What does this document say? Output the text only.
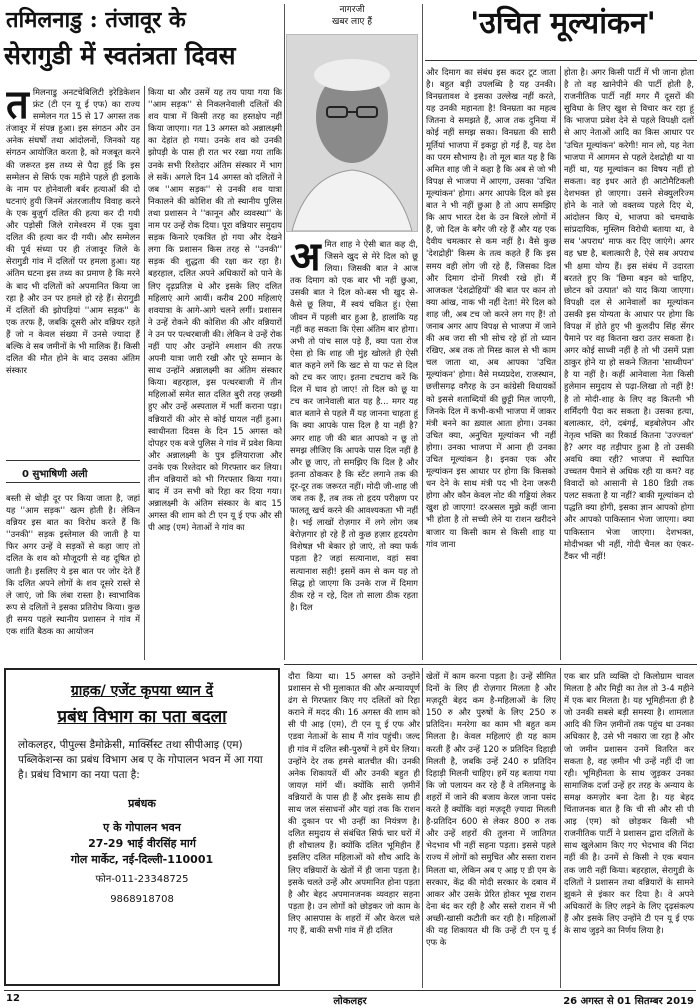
तमिलनाडु : तंजावूर के
सेरागुडी में स्वतंत्रता दिवस
नागरजी
खबर लाए हैं	'उचित मूल्यांकन'
त मिलनाडु अनटचेबिलिटी इरेडिकेशन फ्रंट (टी एन यू ई एफ) का राज्य सम्मेलन गत 15 से 17 अगस्त तक तंजावूर में संपन्न हुआ। इस संगठन और उन अनेक संघर्षों तथा आंदोलनों, जिनको यह संगठन आयोजित करता है, को मजबूत करने की जरूरत इस तथ्य से पैदा हुई कि इस सम्मेलन से सिर्फ एक महीने पहले ही इलाके के नाम पर होनेवाली बर्बर हत्याओं की दो घटनाएं हुयी जिनमें अंतरजातीय विवाह करने के एक बुजुर्ग दलित की हत्या कर दी गयी और पड़ोसी जिले रामेश्वरम में एक युवा दलित की हत्या कर दी गयी। और सम्मेलन की पूर्व संध्या पर ही तंजावूर जिले के सेरागुडी गांव में दलितों पर हमला हुआ। यह अंतिम घटना इस तथ्य का प्रमाण है कि मरने के बाद भी दलितों को अपमानित किया जा रहा है और उन पर हमले हो रहे हैं। सेरागुडी में दलितों की झोपड़ियां ''आम सड़क'' के एक तरफ हैं, जबकि दूसरी ओर वन्नियर रहते हैं जो न केवल संख्या में उनसे ज्यादा हैं बल्कि वे सब जमीनों के भी मालिक हैं। किसी दलित की मौत होने के बाद उसका अंतिम संस्कार
0 सुभाषिणी अली
बस्ती से थोड़ी दूर पर किया जाता है, जहां यह ''आम सड़क'' खत्म होती है। लेकिन वन्नियर इस बात का विरोध करते हैं कि ''उनकी'' सड़क इस्तेमाल की जाती है या फिर अगर उन्हें वे सड़कों से कहा जाए तो दलित के शव को मौजूदगी से वह दूषित हो जाती है। इसलिए ये इस बात पर जोर देते हैं कि दलित अपने लोगों के शव दूसरे रास्ते से ले जाएं, जो कि लंबा रास्ता है। स्वाभाविक रूप से दलितों ने इसका प्रतिरोध किया। कुछ ही समय पहले स्थानीय प्रशासन ने गांव में एक शांति बैठक का आयोजन
किया था और उसमें यह तय पाया गया कि ''आम सड़क'' से निकलनेवाली दलितों की शव यात्रा में किसी तरह का हस्तक्षेप नहीं किया जाएगा। गत 13 अगस्त को अन्नालक्ष्मी का देहांत हो गया। उनके शव को उनकी झोपड़ी के पास ही रात भर रखा गया ताकि उनके सभी रिश्तेदार अंतिम संस्कार में भाग ले सकें। अगले दिन 14 अगस्त को दलितों ने जब ''आम सड़क'' से उनकी शव यात्रा निकालने की कोशिश की तो स्थानीय पुलिस तथा प्रशासन ने ''कानून और व्यवस्था'' के नाम पर उन्हें रोक दिया। पूरा वन्नियार समुदाय सड़क किनारे एकत्रित हो गया और देखने लगा कि प्रशासन किस तरह से ''उनकी'' सड़क की शुद्धता की रक्षा कर रहा है। बहरहाल, दलित अपने अधिकारों को पाने के लिए दृढ़प्रतिज्ञ थे और इसके लिए दलित महिलाएं आगे आयीं। करीब 200 महिलाएं शवयात्रा के आगे-आगे चलने लगीं। प्रशासन ने उन्हें रोकने की कोशिश की और वन्नियारों ने उन पर पत्थरबाजी की। लेकिन वे उन्हें रोक नहीं पाए और उन्होंने श्मशान की तरफ अपनी यात्रा जारी रखी और पूरे सम्मान के साथ उन्होंने अन्नालक्ष्मी का अंतिम संस्कार किया। बहरहाल, इस पत्थरबाजी में तीन महिलाओं समेत सात दलित बुरी तरह ज़ख्मी हुए और उन्हें अस्पताल में भर्ती कराना पड़ा। वन्नियारों की ओर से कोई घायल नहीं हुआ। स्वाधीनता दिवस के दिन 15 अगस्त को दोपहर एक बजे पुलिस ने गांव में प्रवेश किया और अन्नालक्ष्मी के पुत्र इलियाराजा और उनके एक रिश्तेदार को गिरफ्तार कर लिया। तीन वन्नियारों को भी गिरफ्तार किया गया। बाद में उन सभी को रिहा कर दिया गया। अन्नालक्ष्मी के अंतिम संस्कार के बाद 15 अगस्त की शाम को टी एन यू ई एफ और सी पी आइ (एम) नेताओं ने गांव का
अ मित शाह ने ऐसी बात कह दी, जिसने खुद से मेरे दिल को छू लिया। जिसकी बात ने आज तक दिमाग को एक बार भी नहीं छुआ, उसकी बात ने दिल को-बस भी खुद से- कैसे छू लिया, मैं स्वयं चकित हूं। ऐसा जीवन में पहली बार हुआ है, हालांकि यह नहीं कह सकता कि ऐसा अंतिम बार होगा। अभी तो पांच साल पड़े हैं, क्या पता रोज ऐसा हो कि शाह जी मुंह खोलते ही ऐसी बात कहने लगें कि खट से या फट से दिल को टच कर जाए। इतना टचटाच करें कि दिल में घाव हो जाए! तो दिल को छू या टच कर जानेवाली बात यह है... मगर यह बात बताने से पहले मैं यह जानना चाहता हूं कि क्या आपके पास दिल है या नहीं है? अगर शाह जी की बात आपको न छू तो समझ लीजिए कि आपके पास दिल नहीं है और छू जाए, तो समझिए कि दिल है और इतना ठोककर है कि स्टेंट लगाने तक की दूर-दूर तक जरूरत नहीं। मोदी जी-शाह जी जब तक हैं, तब तक तो हृदय परीक्षण पर फालतू खर्च करने की आवश्यकता भी नहीं है। भई लाखों रोज़गार में लगे लोग जब बेरोज़गार हो रहे हैं तो कुछ हज़ार हृदयरोग विशेषज्ञ भी बेकार हो जाएं, तो क्या फर्क पड़ता है? जहां सत्यानाश, वहां सवा सत्यानाश सही! इसमें कम से कम यह तो सिद्ध हो जाएगा कि उनके राज में दिमाग ठीक रहे न रहे, दिल तो साला ठीक रहता है। दिल
और दिमाग का संबंध इस कदर टूट जाता है। बहुत बड़ी उपलब्धि है यह उनकी। विनम्रतावश वे इसका उल्लेख नहीं करते, यह उनकी महानता है! विनम्रता का महत्व जितना वे समझते हैं, आज तक दुनिया में कोई नहीं समझ सका। विनम्रता की सारी मूर्तियां भाजपा में इकट्ठा हो गई हैं, यह देश का परम सौभाग्य है। तो मूल बात यह है कि अमित शाह जी ने कहा है कि अब से जो भी विपक्ष से भाजपा में आएगा, उसका 'उचित मूल्यांकन' होगा। अगर आपके दिल को इस बात ने भी नहीं छुआ है तो आप समझिए कि आप भारत देश के उन बिरले लोगों में हैं, जो दिल के बगैर जी रहे हैं और यह एक दैवीय चमत्कार से कम नहीं है। वैसे कुछ 'देशद्रोही' किस्म के तत्व कहते हैं कि इस समय वही लोग जी रहे हैं, जिसका दिल और दिमाग दोनों गिरवी रखे हों। मैं आजकल 'देशद्रोहियों' की बात पर कान तो क्या आंख, नाक भी नहीं देता! मेरे दिल को शाह जी, अब टच जो करने लग गए हैं! तो जनाब अगर आप विपक्ष से भाजपा में जाने की अब जरा सी भी सोच रहे हों तो ध्यान रखिए, अब तक तो मिस्ड काल से भी काम चल जाता था, अब आपका 'उचित मूल्यांकन' होगा। वैसे मध्यप्रदेश, राजस्थान, छत्तीसगढ़ वगैरह के उन कांग्रेसी विधायकों को इससे शताब्दियों की छुट्टी मिल जाएगी, जिनके दिल में कभी-कभी भाजपा में जाकर मंत्री बनने का ख़्याल आता होगा। उनका उचित क्या, अनुचित मूल्यांकन भी नहीं होगा। उनका भाजपा में आना ही उनका उचित मूल्यांकन है। इनका एक और मूल्यांकन इस आधार पर होगा कि किसको धन देने के साथ मंत्री पद भी देना जरूरी होगा और कौन केवल नोट की गड्डियां लेकर खुश हो जाएगा! दरअसल मुझे कहीं जाना भी होता है तो सच्ची लेने या राशन खरीदने बाजार या किसी काम से किसी शाह या गांव जाना
होता है। अगर किसी पार्टी में भी जाना होता है तो वह खानेपीने की पार्टी होती है, राजनीतिक पार्टी नहीं मगर मैं दूसरों की सुविधा के लिए खुश से विचार कर रहा हूं कि भाजपा प्रवेश देने से पहले विपक्षी दलों से आए नेताओं आदि का किस आधार पर 'उचित मूल्यांकन' करेगी! मान लो, यह नेता भाजपा में आगमन से पहले देशद्रोही था या नहीं था, यह मूल्यांकन का विषय नहीं हो सकता। वह इधर आते ही आटोमैटिकली देशभक्त हो जाएगा। उसने सेक्युलरिज्म होने के नाते जो वक्तव्य पहले दिए थे, आंदोलन किए थे, भाजपा को चमचाके सांप्रदायिक, मुस्लिम विरोधी बताया था, वे सब 'अपराध' माफ कर दिए जाएंगे। अगर वह भ्रष्ट है, बलात्कारी है, ऐसे सब अपराध भी क्षमा योग्य हैं। इस संबंध में उदारता बरतते हुए कि 'छिमा बड़न को चाहिए, छोटन को उत्पात' को याद किया जाएगा। विपक्षी दल से आनेवालों का मूल्यांकन उसकी इस योग्यता के आधार पर होगा कि विपक्ष में होते हुए भी कुलदीप सिंह सेंगर पैमाने पर वह कितना खरा उतर सकता है। अगर कोई साध्वी नहीं है तो भी उसमें प्रज्ञा ठाकुर होने या हो सकने जितना 'साध्वीपन' है या नहीं है। कहीं आनेवाला नेता किसी हुलेमान समुदाय से पढ़ा-लिखा तो नहीं है! है तो मोदी-शाह के लिए वह कितनी भी शर्मिंदगी पैदा कर सकता है। उसका हत्या, बलात्कार, दंगे, दबंगई, बड़बोलेपन और नेतृत्व भक्ति का रिकार्ड कितना 'उज्ज्वल' है? अगर वह तड़ीपार हुआ है तो उसकी अवधि क्या रही? भाजपा में स्थापित उच्चतम पैमाने से अधिक रही या कम? वह विवादों को आसानी से 180 डिग्री तक पलट सकता है या नहीं? बाकी मूल्यांकन दो पद्धति क्या होगी, इसका ज्ञान आपको होगा और आपको पाकिस्तान भेजा जाएगा। क्या पाकिस्तान भेजा जाएगा। देशभक्त, मोदीभक्त भी नहीं, गोदी चैनल का एंकर-टैंकर भी नहीं!
ग्राहक/ एजेंट कृपया ध्यान दें
प्रबंध विभाग का पता बदला
लोकलहर, पीपुल्स डैमोक्रेसी, मार्क्सिस्ट तथा सीपीआइ (एम) पब्लिकेशन्स का प्रबंध विभाग अब ए के गोपालन भवन में आ गया है। प्रबंध विभाग का नया पता है:
प्रबंधक
ए के गोपालन भवन
27-29 भाई वीरसिंह मार्ग
गोल मार्केट, नई-दिल्ली-110001
फोन-011-23348725
9868918708
दौरा किया था। 15 अगस्त को उन्होंने प्रशासन से भी मुलाकात की और अन्यायपूर्ण ढंग से गिरफ्तार किए गए दलितों को रिहा कराने में मदद की। 16 अगस्त की शाम को सी पी आइ (एम), टी एन यू ई एफ और एडवा नेताओं के साथ मैं गांव पहुंची। जल्द ही गांव में दलित स्त्री-पुरुषों ने हमें घेर लिया। उन्होंने देर तक हमसे बातचीत की। उनकी अनेक शिकायतें थीं और उनकी बहुत ही जायज़ मांगें थीं। क्योंकि सारी ज़मीनें वन्नियारों के पास ही हैं और इसके साथ ही साथ जल संसाधनों और यहां तक कि राशन की दुकान पर भी उन्हीं का नियंत्रण है। दलित समुदाय से संबंधित सिर्फ चार घरों में ही शौचालय हैं। क्योंकि दलित भूमिहीन हैं इसलिए दलित महिलाओं को शौच आदि के लिए वन्नियारों के खेतों में ही जाना पड़ता है। इसके चलते उन्हें और अपमानित होना पड़ता है और बेहद अपमानजनक व्यवहार सहना पड़ता है। उन लोगों को छोड़कर जो काम के लिए आसपास के शहरों में और केरल चले गए हैं, बाकी सभी गांव में ही दलित
खेतों में काम करना पड़ता है। उन्हें सीमित दिनों के लिए ही रोज़गार मिलता है और मज़दूरी बेहद कम है-महिलाओं के लिए 150 रु और पुरुषों के लिए 250 रु प्रतिदिन। मनरेगा का काम भी बहुत कम मिलता है। केवल महिलाएं ही यह काम करती हैं और उन्हें 120 रु प्रतिदिन दिहाड़ी मिलती है, जबकि उन्हें 240 रु प्रतिदिन दिहाड़ी मिलनी चाहिए। हमें यह बताया गया कि जो पलायन कर रहे हैं वे तमिलनाडु के शहरों में जाने की बजाय केरल जाना पसंद करते हैं क्योंकि वहां मज़दूरी ज़्यादा मिलती है-प्रतिदिन 600 से लेकर 800 रु तक और उन्हें शहरों की तुलना में जातिगत भेदभाव भी नहीं सहना पड़ता। इससे पहले राज्य में लोगों को समुचित और सस्ता राशन मिलता था, लेकिन अब ए आइ ए डी एम के सरकार, केंद्र की मोदी सरकार के दबाव में आकर और उसके प्रेरित होकर भूख राशन देना बंद कर रही है और सस्ते राशन में भी अच्छी-खासी कटौती कर रही है। महिलाओं की यह शिकायत थी कि उन्हें टी एन यू ई एफ के
एक बार प्रति व्यक्ति दो किलोग्राम चावल मिलता है और मिट्टी का तेल तो 3-4 महीने में एक बार मिलता है। यह भूमिहीनता ही है जो उनकी सबसे बड़ी समस्या है। शामलात आदि की जिन ज़मीनों तक पहुंच था उनका अधिकार है, उसे भी नकारा जा रहा है और जो जमीन प्रशासन उनमें वितरित कर सकता है, वह ज़मीन भी उन्हें नहीं दी जा रही। भूमिहीनता के साथ जुड़कर उनका सामाजिक दर्जा उन्हें हर तरह के अन्याय के समक्ष कमज़ोर बना देता है। यह बेहद चिंताजनक बात है कि ची सी और सी पी आइ (एम) को छोड़कर किसी भी राजनीतिक पार्टी ने प्रशासन द्वारा दलितों के साथ खुलेआम किए गए भेदभाव की निंदा नहीं की है। उनमें से किसी ने एक बयान तक जारी नहीं किया। बहरहाल, सेरागुडी के दलितों ने प्रशासन तथा वन्नियारों के सामने झुकने से इंकार कर दिया है। वे अपने अधिकारों के लिए लड़ने के लिए दृढ़संकल्प हैं और इसके लिए उन्होंने टी एन यू ई एफ के साथ जुड़ने का निर्णय लिया है।
12	लोकलहर	26 अगस्त से 01 सितम्बर 2019
